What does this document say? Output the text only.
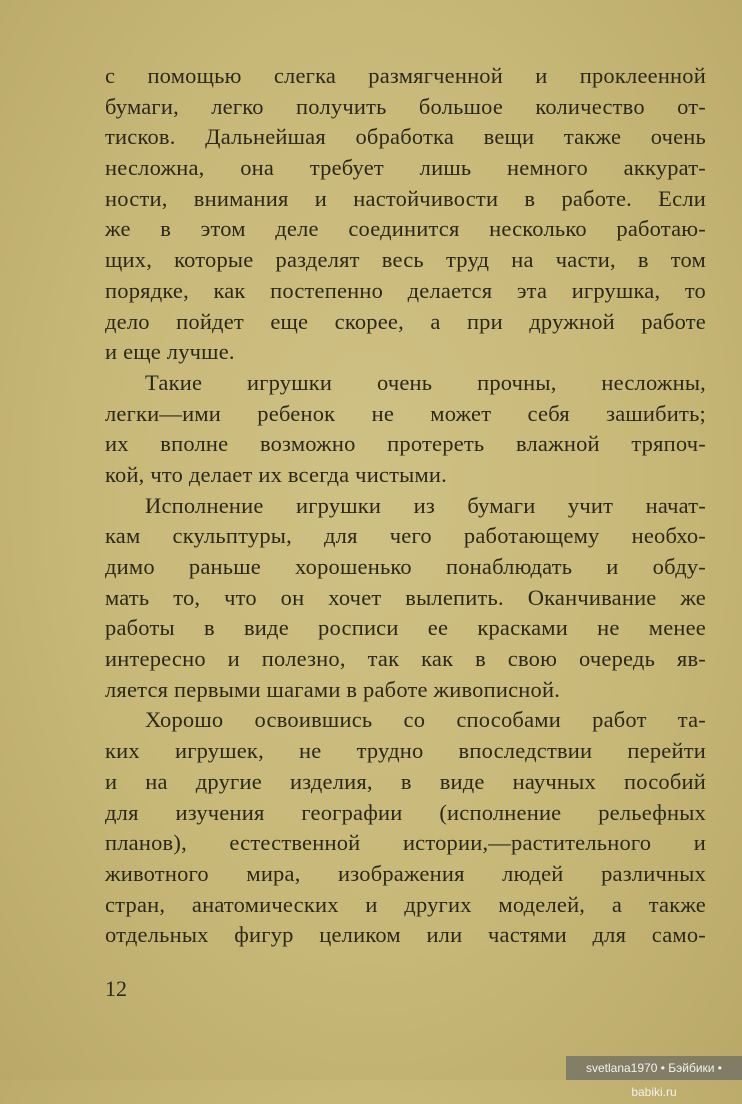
с помощью слегка размягченной и проклеенной
бумаги, легко получить большое количество от-
тисков. Дальнейшая обработка вещи также очень
несложна, она требует лишь немного аккурат-
ности, внимания и настойчивости в работе. Если
же в этом деле соединится несколько работаю-
щих, которые разделят весь труд на части, в том
порядке, как постепенно делается эта игрушка, то
дело пойдет еще скорее, а при дружной работе
и еще лучше.
Такие игрушки очень прочны, несложны,
легки—ими ребенок не может себя зашибить;
их вполне возможно протереть влажной тряпоч-
кой, что делает их всегда чистыми.
Исполнение игрушки из бумаги учит начат-
кам скульптуры, для чего работающему необхо-
димо раньше хорошенько понаблюдать и обду-
мать то, что он хочет вылепить. Оканчивание же
работы в виде росписи ее красками не менее
интересно и полезно, так как в свою очередь яв-
ляется первыми шагами в работе живописной.
Хорошо освоившись со способами работ та-
ких игрушек, не трудно впоследствии перейти
и на другие изделия, в виде научных пособий
для изучения географии (исполнение рельефных
планов), естественной истории,—растительного и
животного мира, изображения людей различных
стран, анатомических и других моделей, а также
отдельных фигур целиком или частями для само-
12
svetlana1970 • Бэйбики • babiki.ru
